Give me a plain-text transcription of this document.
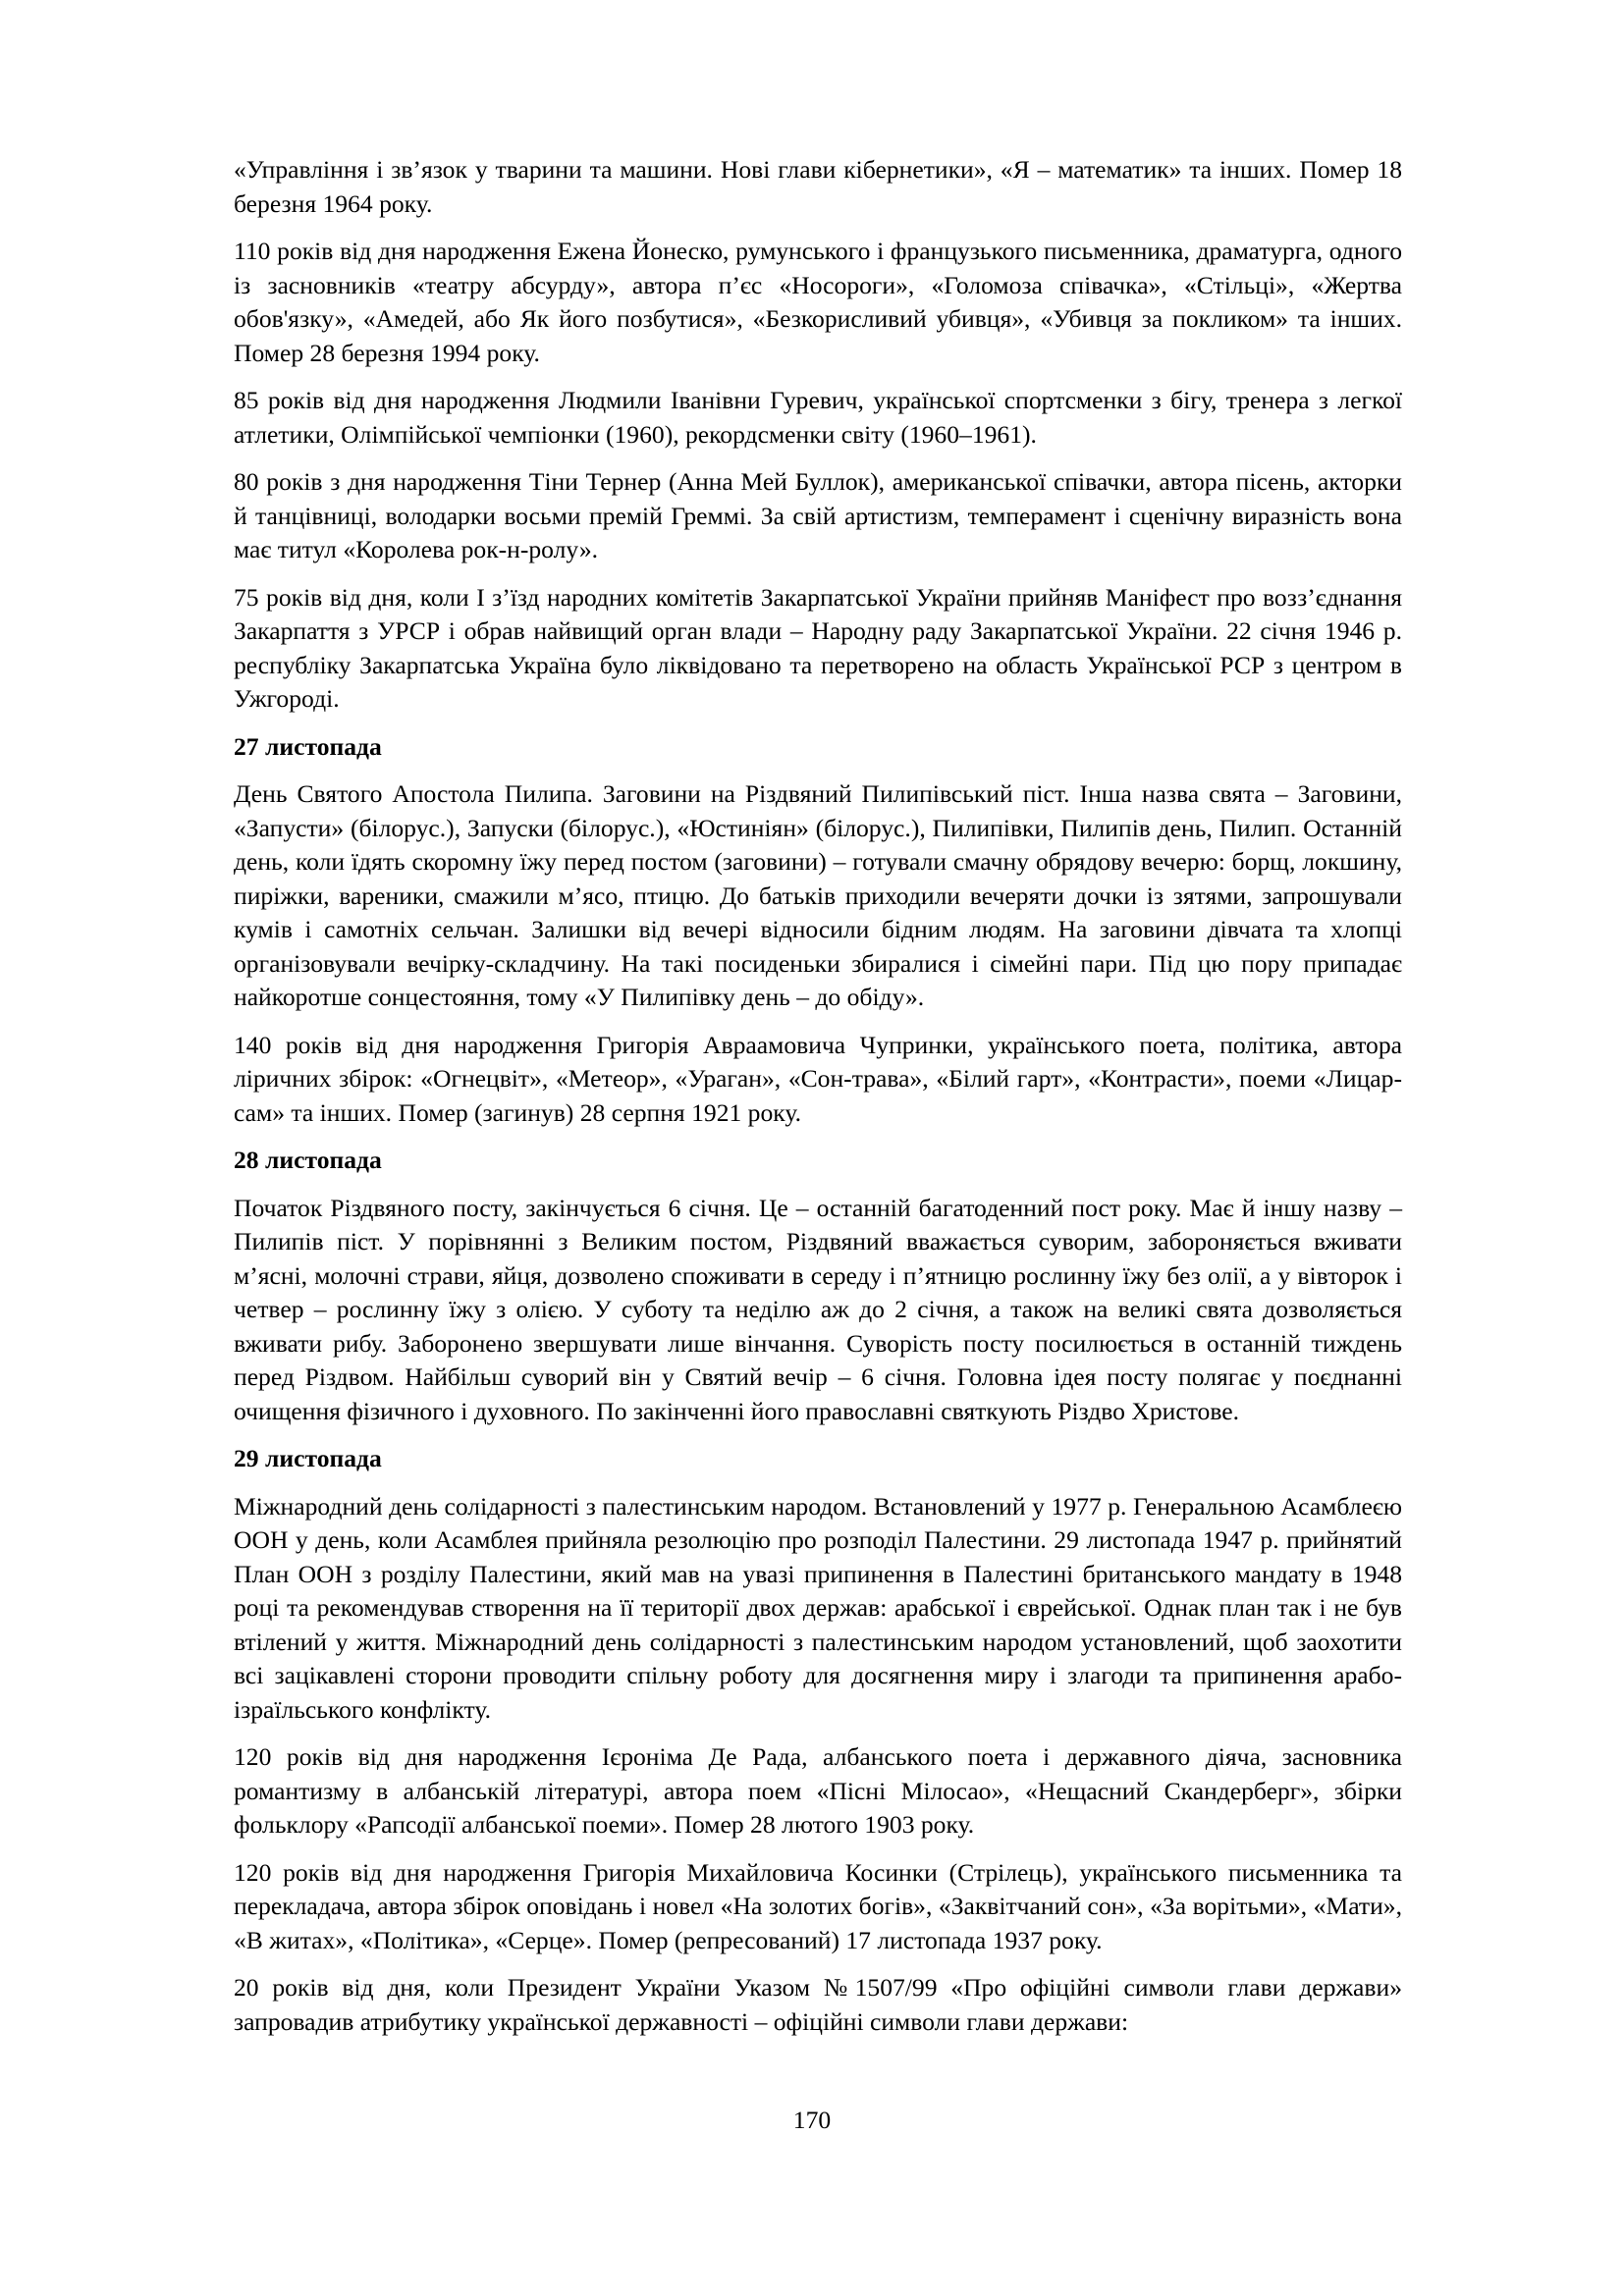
«Управління і зв’язок у тварини та машини. Нові глави кібернетики», «Я – математик» та інших. Помер 18 березня 1964 року.

110 років від дня народження Ежена Йонеско, румунського і французького письменника, драматурга, одного із засновників «театру абсурду», автора п’єс «Носороги», «Голомоза співачка», «Стільці», «Жертва обов'язку», «Амедей, або Як його позбутися», «Безкорисливий убивця», «Убивця за покликом» та інших. Помер 28 березня 1994 року.

85 років від дня народження Людмили Іванівни Гуревич, української спортсменки з бігу, тренера з легкої атлетики, Олімпійської чемпіонки (1960), рекордсменки світу (1960–1961).

80 років з дня народження Тіни Тернер (Анна Мей Буллок), американської співачки, автора пісень, акторки й танцівниці, володарки восьми премій Греммі. За свій артистизм, темперамент і сценічну виразність вона має титул «Королева рок-н-ролу».

75 років від дня, коли І з’їзд народних комітетів Закарпатської України прийняв Маніфест про возз’єднання Закарпаття з УРСР і обрав найвищий орган влади – Народну раду Закарпатської України. 22 січня 1946 р. республіку Закарпатська Україна було ліквідовано та перетворено на область Української РСР з центром в Ужгороді.

27 листопада

День Святого Апостола Пилипа. Заговини на Різдвяний Пилипівський піст. Інша назва свята – Заговини, «Запусти» (білорус.), Запуски (білорус.), «Юстиніян» (білорус.), Пилипівки, Пилипів день, Пилип. Останній день, коли їдять скоромну їжу перед постом (заговини) – готували смачну обрядову вечерю: борщ, локшину, пиріжки, вареники, смажили м’ясо, птицю. До батьків приходили вечеряти дочки із зятями, запрошували кумів і самотніх сельчан. Залишки від вечері відносили бідним людям. На заговини дівчата та хлопці організовували вечірку-складчину. На такі посиденьки збиралися і сімейні пари. Під цю пору припадає найкоротше сонцестояння, тому «У Пилипівку день – до обіду».

140 років від дня народження Григорія Авраамовича Чупринки, українського поета, політика, автора ліричних збірок: «Огнецвіт», «Метеор», «Ураган», «Сон-трава», «Білий гарт», «Контрасти», поеми «Лицар-сам» та інших. Помер (загинув) 28 серпня 1921 року.

28 листопада

Початок Різдвяного посту, закінчується 6 січня. Це – останній багатоденний пост року. Має й іншу назву – Пилипів піст. У порівнянні з Великим постом, Різдвяний вважається суворим, забороняється вживати м’ясні, молочні страви, яйця, дозволено споживати в середу і п’ятницю рослинну їжу без олії, а у вівторок і четвер – рослинну їжу з олією. У суботу та неділю аж до 2 січня, а також на великі свята дозволяється вживати рибу. Заборонено звершувати лише вінчання. Суворість посту посилюється в останній тиждень перед Різдвом. Найбільш суворий він у Святий вечір – 6 січня. Головна ідея посту полягає у поєднанні очищення фізичного і духовного. По закінченні його православні святкують Різдво Христове.

29 листопада

Міжнародний день солідарності з палестинським народом. Встановлений у 1977 р. Генеральною Асамблеєю ООН у день, коли Асамблея прийняла резолюцію про розподіл Палестини. 29 листопада 1947 р. прийнятий План ООН з розділу Палестини, який мав на увазі припинення в Палестині британського мандату в 1948 році та рекомендував створення на її території двох держав: арабської і єврейської. Однак план так і не був втілений у життя. Міжнародний день солідарності з палестинським народом установлений, щоб заохотити всі зацікавлені сторони проводити спільну роботу для досягнення миру і злагоди та припинення арабо-ізраїльського конфлікту.

120 років від дня народження Ієроніма Де Рада, албанського поета і державного діяча, засновника романтизму в албанській літературі, автора поем «Пісні Мілосао», «Нещасний Скандерберг», збірки фольклору «Рапсодії албанської поеми». Помер 28 лютого 1903 року.

120 років від дня народження Григорія Михайловича Косинки (Стрілець), українського письменника та перекладача, автора збірок оповідань і новел «На золотих богів», «Заквітчаний сон», «За ворітьми», «Мати», «В житах», «Політика», «Серце». Помер (репресований) 17 листопада 1937 року.

20 років від дня, коли Президент України Указом №1507/99 «Про офіційні символи глави держави» запровадив атрибутику української державності – офіційні символи глави держави:

170
